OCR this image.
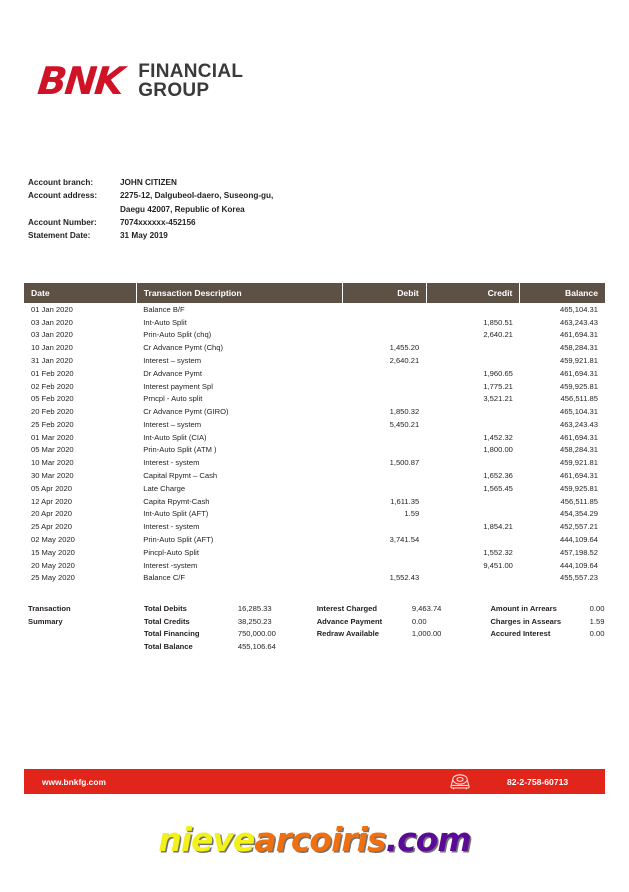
BNK FINANCIAL
GROUP
Account branch:	JOHN CITIZEN
Account address:	2275-12, Dalgubeol-daero, Suseong-gu,
	Daegu 42007, Republic of Korea
Account Number:	7074xxxxxx-452156
Statement Date:	31 May 2019
Date	Transaction Description	Debit	Credit	Balance
01 Jan 2020	Balance B/F			465,104.31
03 Jan 2020	Int-Auto Split		1,850.51	463,243.43
03 Jan 2020	Prin-Auto Split (chq)		2,640.21	461,694.31
10 Jan 2020	Cr Advance Pymt (Chq)	1,455.20		458,284.31
31 Jan 2020	Interest – system	2,640.21		459,921.81
01 Feb 2020	Dr Advance Pymt		1,960.65	461,694.31
02 Feb 2020	Interest payment Spl		1,775.21	459,925.81
05 Feb 2020	Prncpl - Auto split		3,521.21	456,511.85
20 Feb 2020	Cr Advance Pymt (GIRO)	1,850.32		465,104.31
25 Feb 2020	Interest – system	5,450.21		463,243.43
01 Mar 2020	Int-Auto Split (CIA)		1,452.32	461,694.31
05 Mar 2020	Prin-Auto Split (ATM )		1,800.00	458,284.31
10 Mar 2020	Interest - system	1,500.87		459,921.81
30 Mar 2020	Capital Rpymt – Cash		1,652.36	461,694.31
05 Apr 2020	Late Charge		1,565.45	459,925.81
12 Apr 2020	Capita Rpymt-Cash	1,611.35		456,511.85
20 Apr 2020	Int-Auto Split (AFT)	1.59		454,354.29
25 Apr 2020	Interest - system		1,854.21	452,557.21
02 May 2020	Prin-Auto Split (AFT)	3,741.54		444,109.64
15 May 2020	Pincpl-Auto Split		1,552.32	457,198.52
20 May 2020	Interest -system		9,451.00	444,109.64
25 May 2020	Balance C/F	1,552.43		455,557.23
Transaction	Total Debits	16,285.33	Interest Charged	9,463.74	Amount in Arrears	0.00
Summary	Total Credits	38,250.23	Advance Payment	0.00	Charges in Assears	1.59
	Total Financing	750,000.00	Redraw Available	1,000.00	Accured Interest	0.00
	Total Balance	455,106.64				
www.bnkfg.com	82-2-758-60713
nievearcoiris.com
